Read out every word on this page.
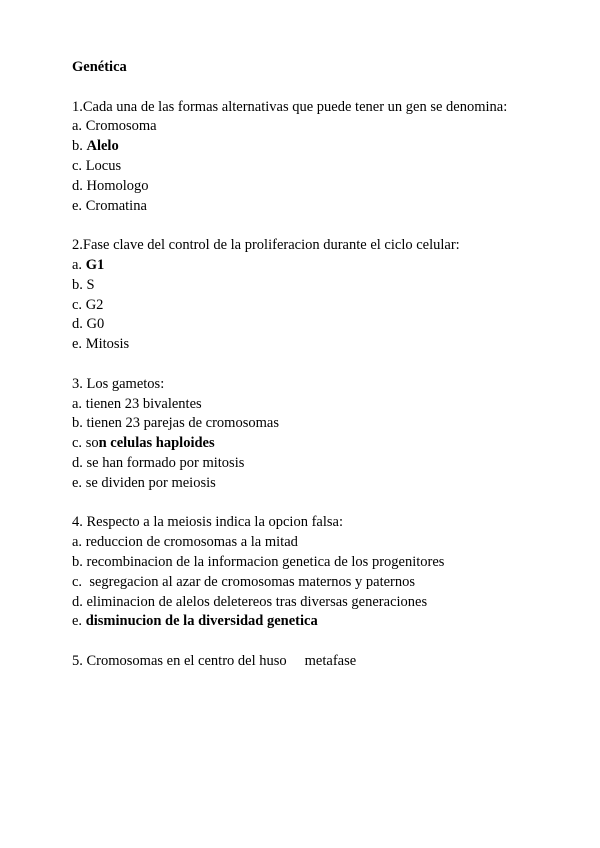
Genética
1.Cada una de las formas alternativas que puede tener un gen se denomina:
a. Cromosoma
b. Alelo
c. Locus
d. Homologo
e. Cromatina
2.Fase clave del control de la proliferacion durante el ciclo celular:
a. G1
b. S
c. G2
d. G0
e. Mitosis
3. Los gametos:
a. tienen 23 bivalentes
b. tienen 23 parejas de cromosomas
c. son celulas haploides
d. se han formado por mitosis
e. se dividen por meiosis
4. Respecto a la meiosis indica la opcion falsa:
a. reduccion de cromosomas a la mitad
b. recombinacion de la informacion genetica de los progenitores
c.  segregacion al azar de cromosomas maternos y paternos
d. eliminacion de alelos deletereos tras diversas generaciones
e. disminucion de la diversidad genetica
5. Cromosomas en el centro del huso metafase
